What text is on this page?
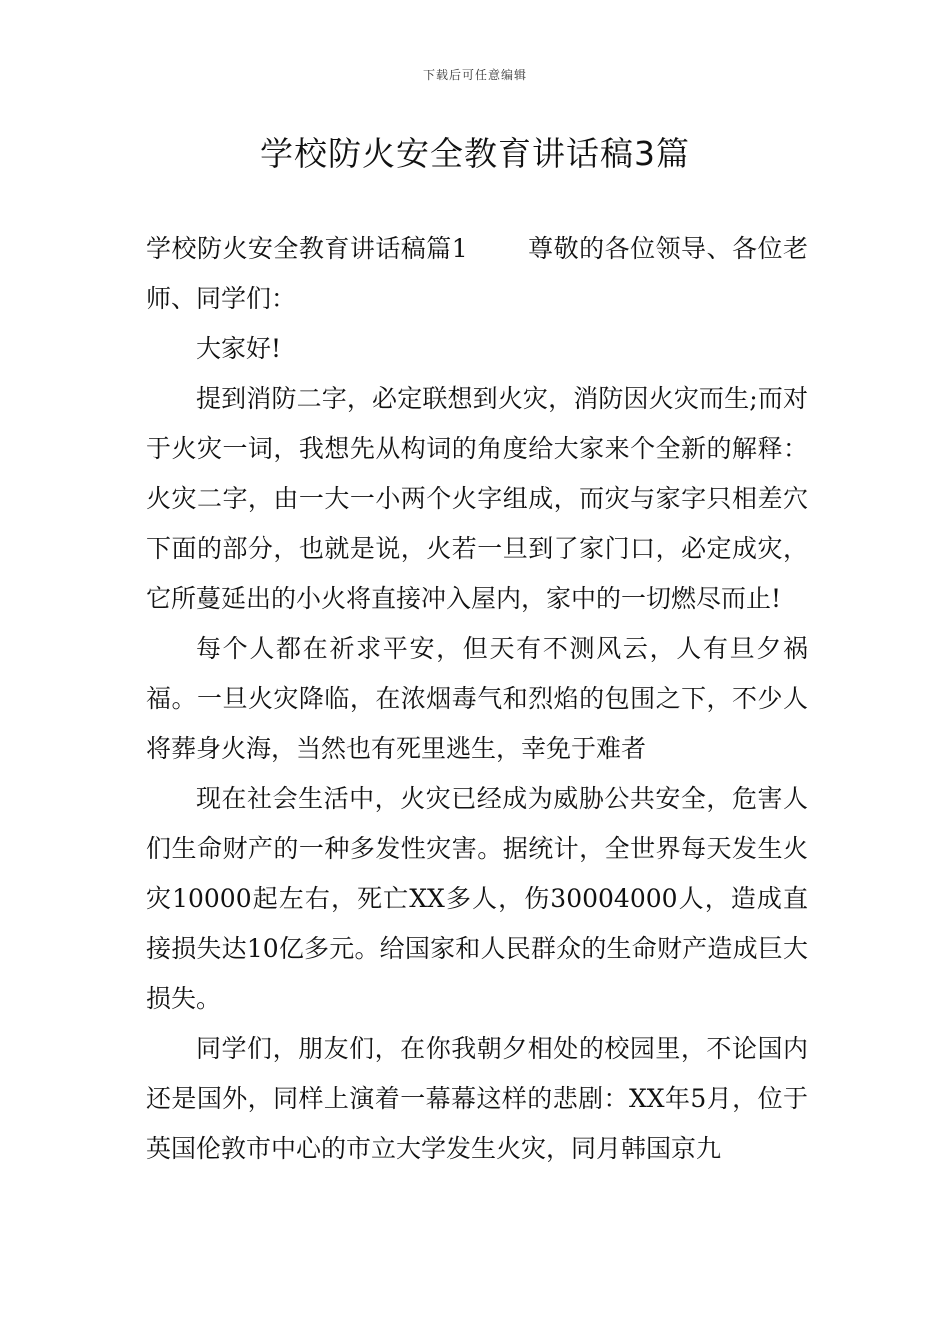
下载后可任意编辑
学校防火安全教育讲话稿3篇

学校防火安全教育讲话稿篇1 尊敬的各位领导、各位老师、同学们：

大家好!

提到消防二字，必定联想到火灾，消防因火灾而生;而对于火灾一词，我想先从构词的角度给大家来个全新的解释：火灾二字，由一大一小两个火字组成，而灾与家字只相差穴下面的部分，也就是说，火若一旦到了家门口，必定成灾，它所蔓延出的小火将直接冲入屋内，家中的一切燃尽而止!

每个人都在祈求平安，但天有不测风云，人有旦夕祸福。一旦火灾降临，在浓烟毒气和烈焰的包围之下，不少人将葬身火海，当然也有死里逃生，幸免于难者

现在社会生活中，火灾已经成为威胁公共安全，危害人们生命财产的一种多发性灾害。据统计，全世界每天发生火灾10000起左右，死亡XX多人，伤30004000人，造成直接损失达10亿多元。给国家和人民群众的生命财产造成巨大损失。

同学们，朋友们，在你我朝夕相处的校园里，不论国内还是国外，同样上演着一幕幕这样的悲剧：XX年5月，位于英国伦敦市中心的市立大学发生火灾，同月韩国京九
